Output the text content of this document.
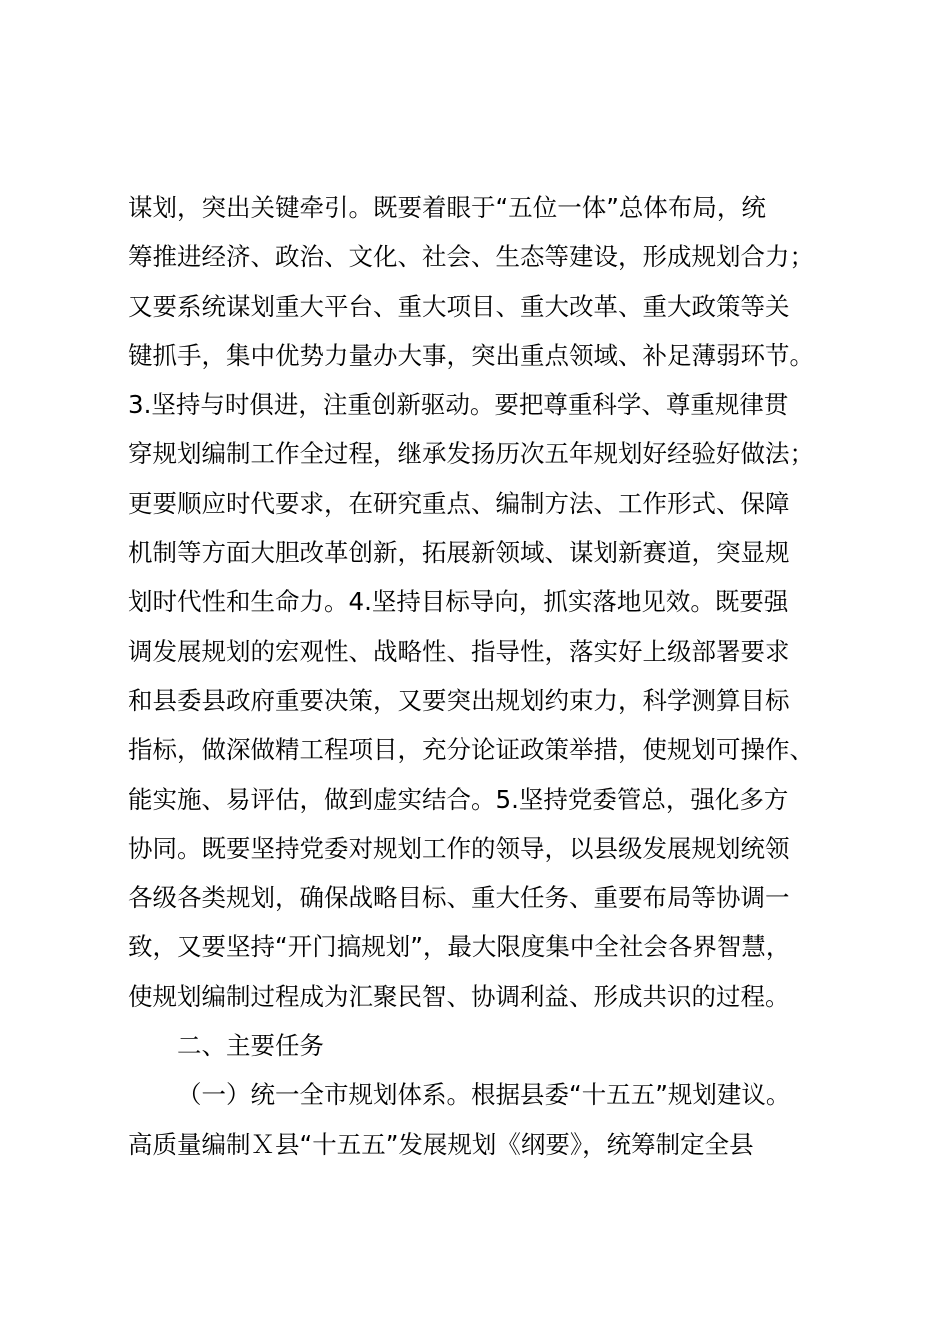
谋划，突出关键牵引。既要着眼于“五位一体”总体布局，统
筹推进经济、政治、文化、社会、生态等建设，形成规划合力；
又要系统谋划重大平台、重大项目、重大改革、重大政策等关
键抓手，集中优势力量办大事，突出重点领域、补足薄弱环节。
3.坚持与时俱进，注重创新驱动。要把尊重科学、尊重规律贯
穿规划编制工作全过程，继承发扬历次五年规划好经验好做法；
更要顺应时代要求，在研究重点、编制方法、工作形式、保障
机制等方面大胆改革创新，拓展新领域、谋划新赛道，突显规
划时代性和生命力。4.坚持目标导向，抓实落地见效。既要强
调发展规划的宏观性、战略性、指导性，落实好上级部署要求
和县委县政府重要决策，又要突出规划约束力，科学测算目标
指标，做深做精工程项目，充分论证政策举措，使规划可操作、
能实施、易评估，做到虚实结合。5.坚持党委管总，强化多方
协同。既要坚持党委对规划工作的领导，以县级发展规划统领
各级各类规划，确保战略目标、重大任务、重要布局等协调一
致，又要坚持“开门搞规划”，最大限度集中全社会各界智慧，
使规划编制过程成为汇聚民智、协调利益、形成共识的过程。
二、主要任务
（一）统一全市规划体系。根据县委“十五五”规划建议。
高质量编制Ｘ县“十五五”发展规划《纲要》，统筹制定全县
